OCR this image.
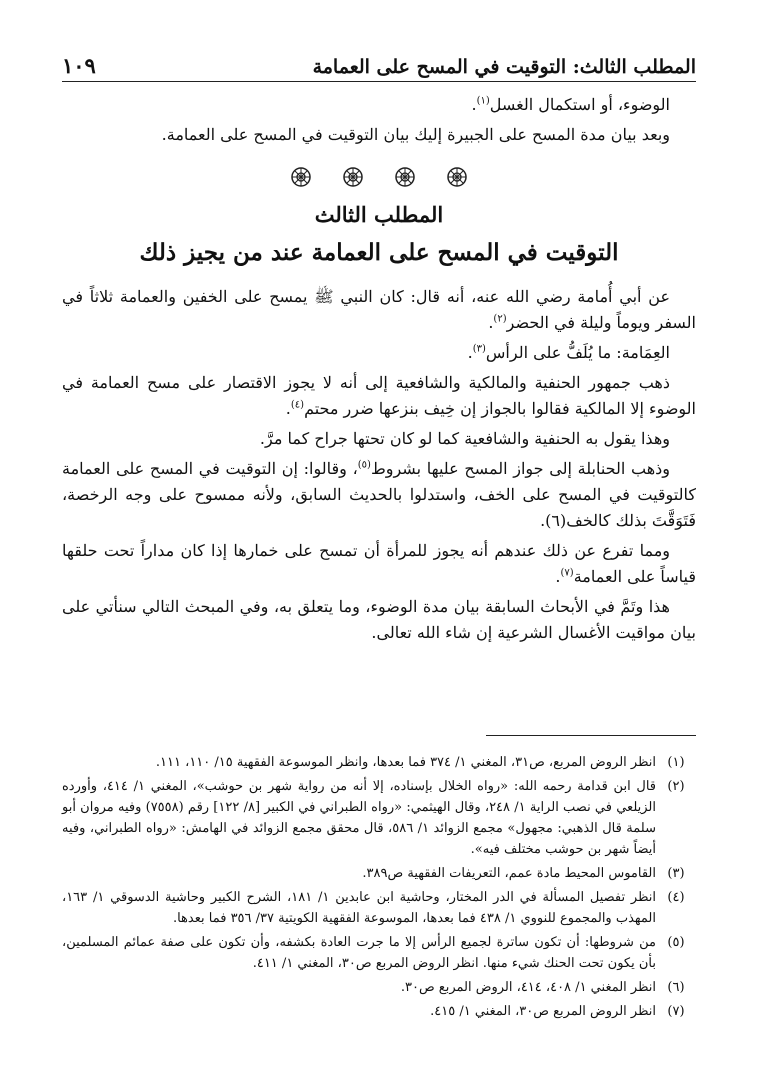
المطلب الثالث: التوقيت في المسح على العمامة
١٠٩

الوضوء، أو استكمال الغسل$^{(١)}$.

وبعد بيان مدة المسح على الجبيرة إليك بيان التوقيت في المسح على العمامة.

المطلب الثالث
التوقيت في المسح على العمامة عند من يجيز ذلك

عن أبي أُمامة رضي الله عنه، أنه قال: كان النبي ﷺ يمسح على الخفين والعمامة ثلاثاً في السفر ويوماً وليلة في الحضر$^{(٢)}$.

العِمَامة: ما يُلَفُّ على الرأس$^{(٣)}$.

ذهب جمهور الحنفية والمالكية والشافعية إلى أنه لا يجوز الاقتصار على مسح العمامة في الوضوء إلا المالكية فقالوا بالجواز إن خِيف بنزعها ضرر محتم$^{(٤)}$.

وهذا يقول به الحنفية والشافعية كما لو كان تحتها جراح كما مرَّ.

وذهب الحنابلة إلى جواز المسح عليها بشروط$^{(٥)}$، وقالوا: إن التوقيت في المسح على العمامة كالتوقيت في المسح على الخف، واستدلوا بالحديث السابق، ولأنه ممسوح على وجه الرخصة، فَتَوَقَّتَ بذلك كالخف(٦).

ومما تفرع عن ذلك عندهم أنه يجوز للمرأة أن تمسح على خمارها إذا كان مداراً تحت حلقها قياساً على العمامة$^{(٧)}$.

هذا وتَمَّ في الأبحاث السابقة بيان مدة الوضوء، وما يتعلق به، وفي المبحث التالي سنأتي على بيان مواقيت الأغسال الشرعية إن شاء الله تعالى.

(١)
انظر الروض المربع، ص٣١، المغني ١/ ٣٧٤ فما بعدها، وانظر الموسوعة الفقهية ١٥/ ١١٠، ١١١.
(٢)
قال ابن قدامة رحمه الله: «رواه الخلال بإسناده، إلا أنه من رواية شهر بن حوشب»، المغني ١/ ٤١٤، وأورده الزيلعي في نصب الراية ١/ ٢٤٨، وقال الهيثمي: «رواه الطبراني في الكبير [٨/ ١٢٢] رقم (٧٥٥٨) وفيه مروان أبو سلمة قال الذهبي: مجهول» مجمع الزوائد ١/ ٥٨٦، قال محقق مجمع الزوائد في الهامش: «رواه الطبراني، وفيه أيضاً شهر بن حوشب مختلف فيه».
(٣)
القاموس المحيط مادة عمم، التعريفات الفقهية ص٣٨٩.
(٤)
انظر تفصيل المسألة في الدر المختار، وحاشية ابن عابدين ١/ ١٨١، الشرح الكبير وحاشية الدسوقي ١/ ١٦٣، المهذب والمجموع للنووي ١/ ٤٣٨ فما بعدها، الموسوعة الفقهية الكويتية ٣٧/ ٣٥٦ فما بعدها.
(٥)
من شروطها: أن تكون ساترة لجميع الرأس إلا ما جرت العادة بكشفه، وأن تكون على صفة عمائم المسلمين، بأن يكون تحت الحنك شيء منها. انظر الروض المربع ص٣٠، المغني ١/ ٤١١.
(٦)
انظر المغني ١/ ٤٠٨، ٤١٤، الروض المربع ص٣٠.
(٧)
انظر الروض المربع ص٣٠، المغني ١/ ٤١٥.
